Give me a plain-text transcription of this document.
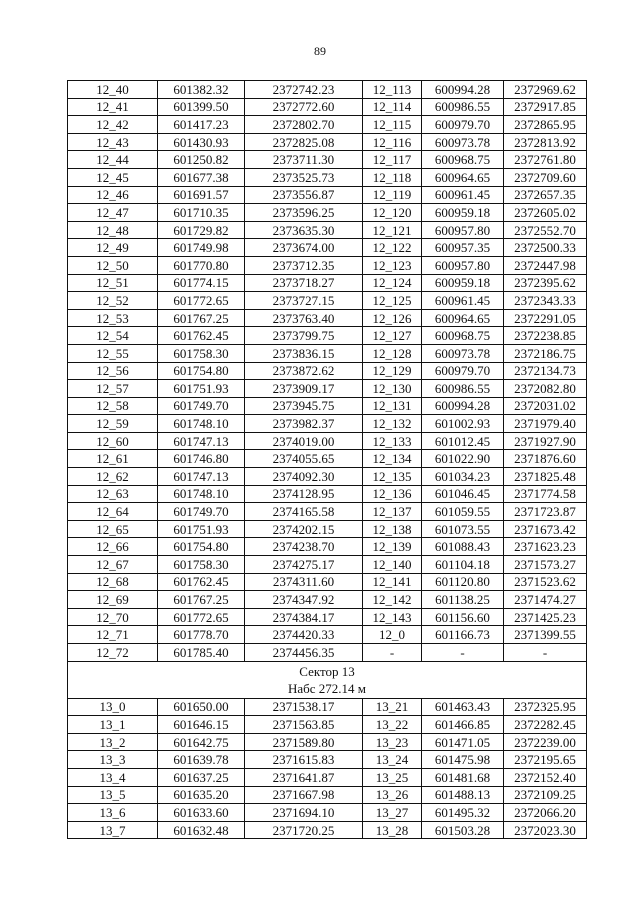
89
12_40	601382.32	2372742.23	12_113	600994.28	2372969.62
12_41	601399.50	2372772.60	12_114	600986.55	2372917.85
12_42	601417.23	2372802.70	12_115	600979.70	2372865.95
12_43	601430.93	2372825.08	12_116	600973.78	2372813.92
12_44	601250.82	2373711.30	12_117	600968.75	2372761.80
12_45	601677.38	2373525.73	12_118	600964.65	2372709.60
12_46	601691.57	2373556.87	12_119	600961.45	2372657.35
12_47	601710.35	2373596.25	12_120	600959.18	2372605.02
12_48	601729.82	2373635.30	12_121	600957.80	2372552.70
12_49	601749.98	2373674.00	12_122	600957.35	2372500.33
12_50	601770.80	2373712.35	12_123	600957.80	2372447.98
12_51	601774.15	2373718.27	12_124	600959.18	2372395.62
12_52	601772.65	2373727.15	12_125	600961.45	2372343.33
12_53	601767.25	2373763.40	12_126	600964.65	2372291.05
12_54	601762.45	2373799.75	12_127	600968.75	2372238.85
12_55	601758.30	2373836.15	12_128	600973.78	2372186.75
12_56	601754.80	2373872.62	12_129	600979.70	2372134.73
12_57	601751.93	2373909.17	12_130	600986.55	2372082.80
12_58	601749.70	2373945.75	12_131	600994.28	2372031.02
12_59	601748.10	2373982.37	12_132	601002.93	2371979.40
12_60	601747.13	2374019.00	12_133	601012.45	2371927.90
12_61	601746.80	2374055.65	12_134	601022.90	2371876.60
12_62	601747.13	2374092.30	12_135	601034.23	2371825.48
12_63	601748.10	2374128.95	12_136	601046.45	2371774.58
12_64	601749.70	2374165.58	12_137	601059.55	2371723.87
12_65	601751.93	2374202.15	12_138	601073.55	2371673.42
12_66	601754.80	2374238.70	12_139	601088.43	2371623.23
12_67	601758.30	2374275.17	12_140	601104.18	2371573.27
12_68	601762.45	2374311.60	12_141	601120.80	2371523.62
12_69	601767.25	2374347.92	12_142	601138.25	2371474.27
12_70	601772.65	2374384.17	12_143	601156.60	2371425.23
12_71	601778.70	2374420.33	12_0	601166.73	2371399.55
12_72	601785.40	2374456.35	-	-	-

Сектор 13
Набс 272.14 м					

13_0	601650.00	2371538.17	13_21	601463.43	2372325.95
13_1	601646.15	2371563.85	13_22	601466.85	2372282.45
13_2	601642.75	2371589.80	13_23	601471.05	2372239.00
13_3	601639.78	2371615.83	13_24	601475.98	2372195.65
13_4	601637.25	2371641.87	13_25	601481.68	2372152.40
13_5	601635.20	2371667.98	13_26	601488.13	2372109.25
13_6	601633.60	2371694.10	13_27	601495.32	2372066.20
13_7	601632.48	2371720.25	13_28	601503.28	2372023.30
